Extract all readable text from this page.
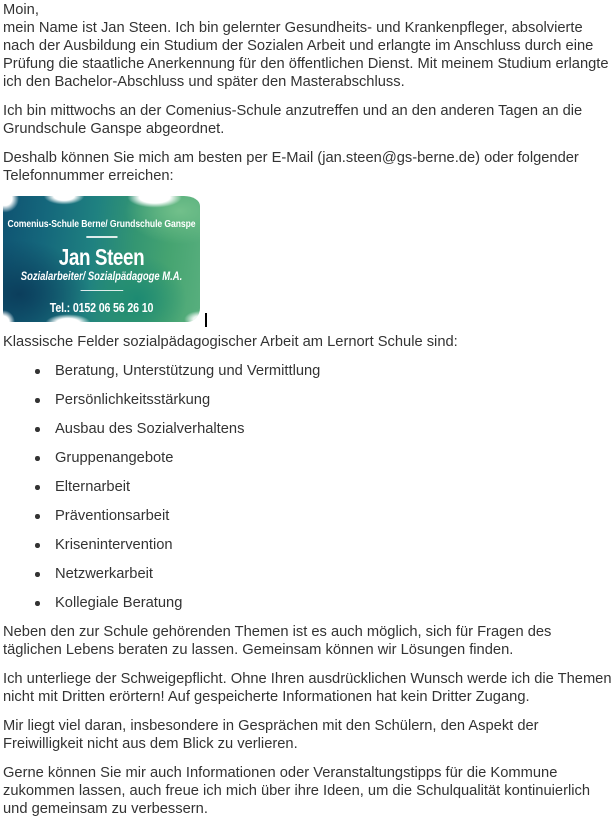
Moin,
mein Name ist Jan Steen. Ich bin gelernter Gesundheits- und Krankenpfleger, absolvierte nach der Ausbildung ein Studium der Sozialen Arbeit und erlangte im Anschluss durch eine Prüfung die staatliche Anerkennung für den öffentlichen Dienst. Mit meinem Studium erlangte ich den Bachelor-Abschluss und später den Masterabschluss.

Ich bin mittwochs an der Comenius-Schule anzutreffen und an den anderen Tagen an die Grundschule Ganspe abgeordnet.

Deshalb können Sie mich am besten per E-Mail (jan.steen@gs-berne.de) oder folgender Telefonnummer erreichen:

Comenius-Schule Berne/ Grundschule Ganspe
Jan Steen
Sozialarbeiter/ Sozialpädagoge M.A.
Tel.: 0152 06 56 26 10

Klassische Felder sozialpädagogischer Arbeit am Lernort Schule sind:

Beratung, Unterstützung und Vermittlung
Persönlichkeitsstärkung
Ausbau des Sozialverhaltens
Gruppenangebote
Elternarbeit
Präventionsarbeit
Krisenintervention
Netzwerkarbeit
Kollegiale Beratung

Neben den zur Schule gehörenden Themen ist es auch möglich, sich für Fragen des täglichen Lebens beraten zu lassen. Gemeinsam können wir Lösungen finden.

Ich unterliege der Schweigepflicht. Ohne Ihren ausdrücklichen Wunsch werde ich die Themen nicht mit Dritten erörtern! Auf gespeicherte Informationen hat kein Dritter Zugang.

Mir liegt viel daran, insbesondere in Gesprächen mit den Schülern, den Aspekt der Freiwilligkeit nicht aus dem Blick zu verlieren.

Gerne können Sie mir auch Informationen oder Veranstaltungstipps für die Kommune zukommen lassen, auch freue ich mich über ihre Ideen, um die Schulqualität kontinuierlich und gemeinsam zu verbessern.
